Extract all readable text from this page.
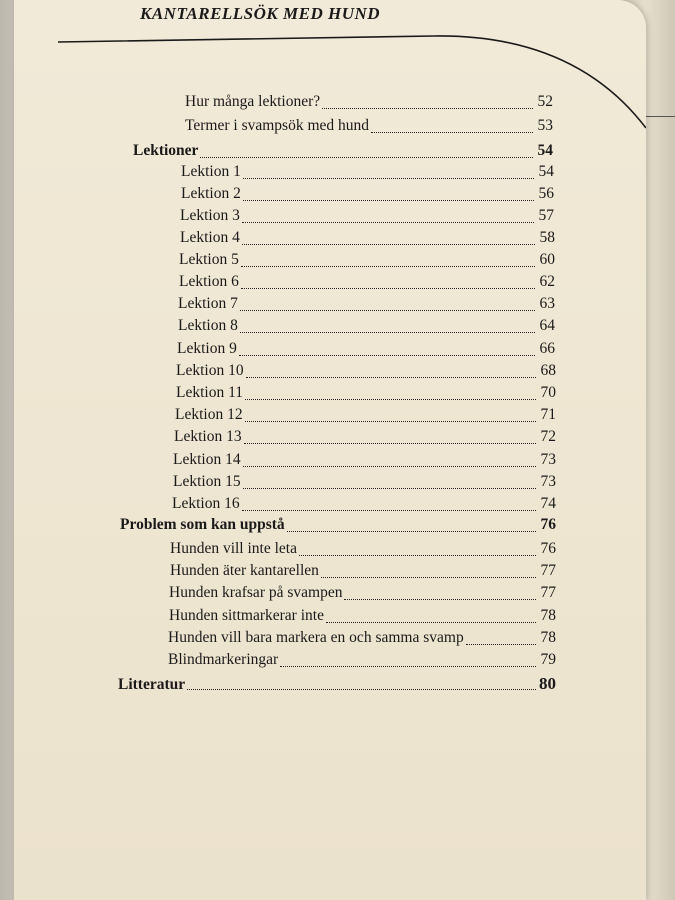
KANTARELLSÖK MED HUND
Hur många lektioner?	52
Termer i svampsök med hund	53
Lektioner	54
Lektion 1	54
Lektion 2	56
Lektion 3	57
Lektion 4	58
Lektion 5	60
Lektion 6	62
Lektion 7	63
Lektion 8	64
Lektion 9	66
Lektion 10	68
Lektion 11	70
Lektion 12	71
Lektion 13	72
Lektion 14	73
Lektion 15	73
Lektion 16	74
Problem som kan uppstå	76
Hunden vill inte leta	76
Hunden äter kantarellen	77
Hunden krafsar på svampen	77
Hunden sittmarkerar inte	78
Hunden vill bara markera en och samma svamp	78
Blindmarkeringar	79
Litteratur	80
